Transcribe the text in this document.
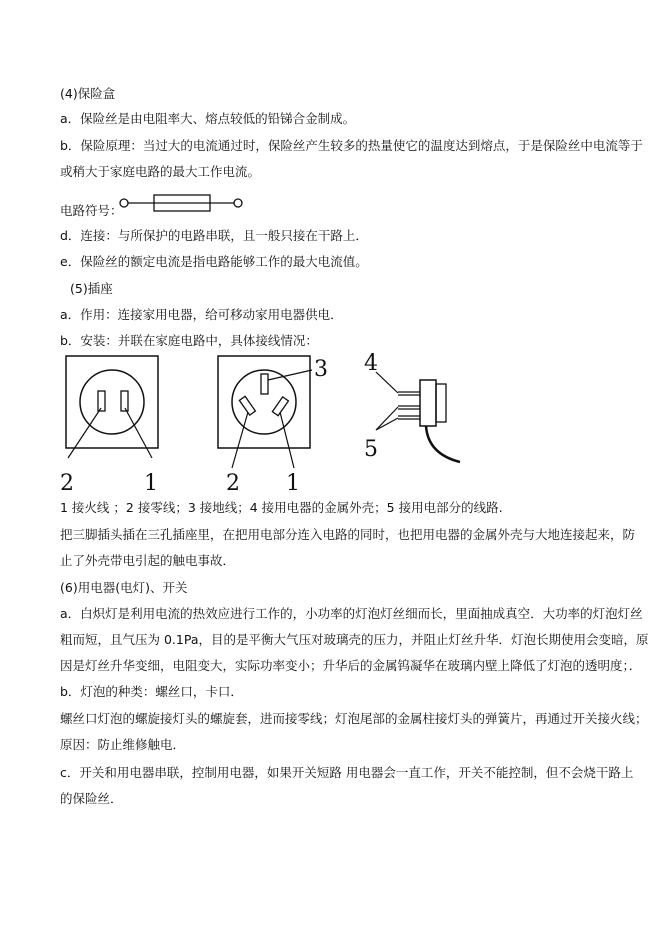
(4)保险盒
a．保险丝是由电阻率大、熔点较低的铅锑合金制成。
b．保险原理：当过大的电流通过时，保险丝产生较多的热量使它的温度达到熔点，于是保险丝中电流等于
或稍大于家庭电路的最大工作电流。
电路符号：
d．连接：与所保护的电路串联，且一般只接在干路上．
e．保险丝的额定电流是指电路能够工作的最大电流值。
(5)插座
a．作用：连接家用电器，给可移动家用电器供电．
b．安装：并联在家庭电路中，具体接线情况：
2	1
3
2 1
4
5
1 接火线 ；2 接零线；3 接地线；4 接用电器的金属外壳；5 接用电部分的线路.
把三脚插头插在三孔插座里，在把用电部分连入电路的同时，也把用电器的金属外壳与大地连接起来，防
止了外壳带电引起的触电事故．
(6)用电器(电灯)、开关
a．白炽灯是利用电流的热效应进行工作的，小功率的灯泡灯丝细而长，里面抽成真空．大功率的灯泡灯丝
粗而短，且气压为 0.1Pa，目的是平衡大气压对玻璃壳的压力，并阻止灯丝升华．灯泡长期使用会变暗，原
因是灯丝升华变细，电阻变大，实际功率变小；升华后的金属钨凝华在玻璃内壁上降低了灯泡的透明度；．
b．灯泡的种类：螺丝口，卡口．
螺丝口灯泡的螺旋接灯头的螺旋套，进而接零线；灯泡尾部的金属柱接灯头的弹簧片，再通过开关接火线；
原因：防止维修触电．
c．开关和用电器串联，控制用电器，如果开关短路 用电器会一直工作，开关不能控制，但不会烧干路上
的保险丝．
